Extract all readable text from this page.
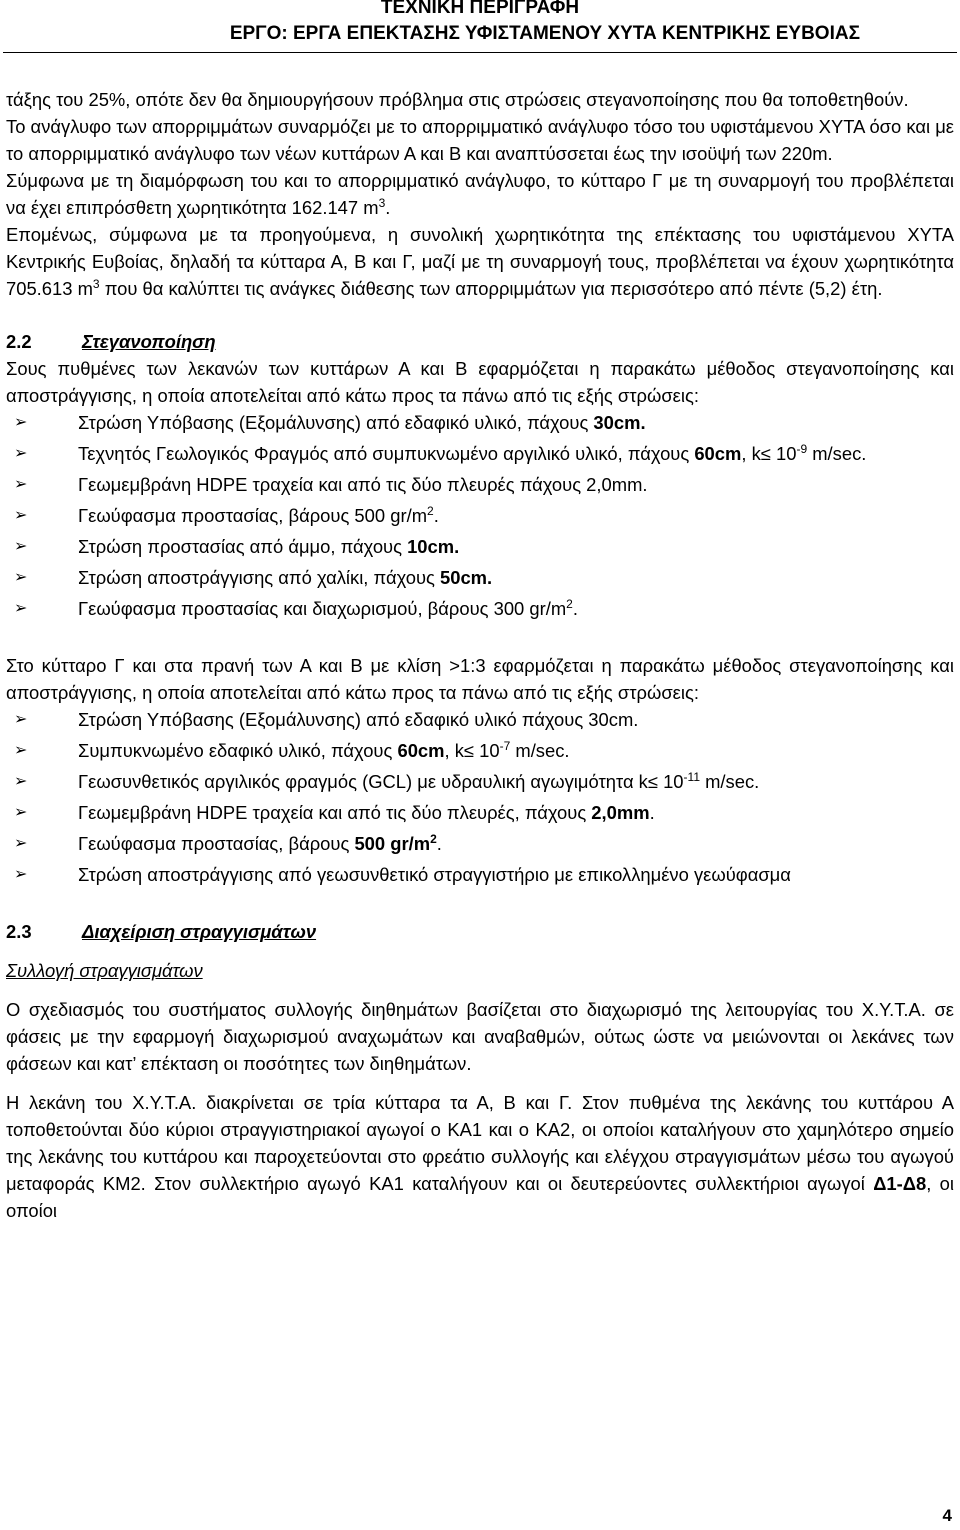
ΤΕΧΝΙΚΗ ΠΕΡΙΓΡΑΦΗ
ΕΡΓΟ: ΕΡΓΑ ΕΠΕΚΤΑΣΗΣ ΥΦΙΣΤΑΜΕΝΟΥ ΧΥΤΑ ΚΕΝΤΡΙΚΗΣ ΕΥΒΟΙΑΣ

τάξης του 25%, οπότε δεν θα δημιουργήσουν πρόβλημα στις στρώσεις στεγανοποίησης που θα τοποθετηθούν.

Το ανάγλυφο των απορριμμάτων συναρμόζει με το απορριμματικό ανάγλυφο τόσο του υφιστάμενου ΧΥΤΑ όσο και με το απορριμματικό ανάγλυφο των νέων κυττάρων Α και Β και αναπτύσσεται έως την ισοϋψή των 220m.

Σύμφωνα με τη διαμόρφωση του και το απορριμματικό ανάγλυφο, το κύτταρο Γ με τη συναρμογή του προβλέπεται να έχει επιπρόσθετη χωρητικότητα 162.147 $m^3$.

Επομένως, σύμφωνα με τα προηγούμενα, η συνολική χωρητικότητα της επέκτασης του υφιστάμενου ΧΥΤΑ Κεντρικής Ευβοίας, δηλαδή τα κύτταρα Α, Β και Γ, μαζί με τη συναρμογή τους, προβλέπεται να έχουν χωρητικότητα 705.613 $m^3$ που θα καλύπτει τις ανάγκες διάθεσης των απορριμμάτων για περισσότερο από πέντε (5,2) έτη.

2.2	Στεγανοποίηση

Σους πυθμένες των λεκανών των κυττάρων Α και Β εφαρμόζεται η παρακάτω μέθοδος στεγανοποίησης και αποστράγγισης, η οποία αποτελείται από κάτω προς τα πάνω από τις εξής στρώσεις:

➢	Στρώση Υπόβασης (Εξομάλυνσης) από εδαφικό υλικό, πάχους 30cm.
➢	Τεχνητός Γεωλογικός Φραγμός από συμπυκνωμένο αργιλικό υλικό, πάχους 60cm, $k\le 10^{-9}$ m/sec.
➢	Γεωμεμβράνη HDPE τραχεία και από τις δύο πλευρές πάχους 2,0mm.
➢	Γεωύφασμα προστασίας, βάρους 500 $gr/m^2$.
➢	Στρώση προστασίας από άμμο, πάχους 10cm.
➢	Στρώση αποστράγγισης από χαλίκι, πάχους 50cm.
➢	Γεωύφασμα προστασίας και διαχωρισμού, βάρους 300 $gr/m^2$.

Στο κύτταρο Γ και στα πρανή των Α και Β με κλίση >1:3 εφαρμόζεται η παρακάτω μέθοδος στεγανοποίησης και αποστράγγισης, η οποία αποτελείται από κάτω προς τα πάνω από τις εξής στρώσεις:

➢	Στρώση Υπόβασης (Εξομάλυνσης) από εδαφικό υλικό πάχους 30cm.
➢	Συμπυκνωμένο εδαφικό υλικό, πάχους 60cm, $k\le 10^{-7}$ m/sec.
➢	Γεωσυνθετικός αργιλικός φραγμός (GCL) με υδραυλική αγωγιμότητα $k\le 10^{-11}$ m/sec.
➢	Γεωμεμβράνη HDPE τραχεία και από τις δύο πλευρές, πάχους 2,0mm.
➢	Γεωύφασμα προστασίας, βάρους 500 $gr/m^2$.
➢	Στρώση αποστράγγισης από γεωσυνθετικό στραγγιστήριο με επικολλημένο γεωύφασμα

2.3	Διαχείριση στραγγισμάτων

Συλλογή στραγγισμάτων

Ο σχεδιασμός του συστήματος συλλογής διηθημάτων βασίζεται στο διαχωρισμό της λειτουργίας του Χ.Υ.Τ.Α. σε φάσεις με την εφαρμογή διαχωρισμού αναχωμάτων και αναβαθμών, ούτως ώστε να μειώνονται οι λεκάνες των φάσεων και κατ’ επέκταση οι ποσότητες των διηθημάτων.

Η λεκάνη του Χ.Υ.Τ.Α. διακρίνεται σε τρία κύτταρα τα Α, Β και Γ. Στον πυθμένα της λεκάνης του κυττάρου Α τοποθετούνται δύο κύριοι στραγγιστηριακοί αγωγοί ο ΚΑ1 και ο ΚΑ2, οι οποίοι καταλήγουν στο χαμηλότερο σημείο της λεκάνης του κυττάρου και παροχετεύονται στο φρεάτιο συλλογής και ελέγχου στραγγισμάτων μέσω του αγωγού μεταφοράς ΚΜ2. Στον συλλεκτήριο αγωγό ΚΑ1 καταλήγουν και οι δευτερεύοντες συλλεκτήριοι αγωγοί Δ1-Δ8, οι οποίοι

4
